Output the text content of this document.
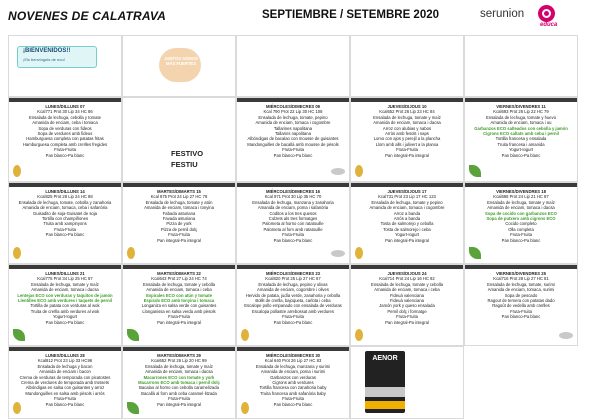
NOVENES DE CALATRAVA	SEPTIEMBRE / SETEMBRE 2020	serunion
educa
¡BIENVENIDOS!!
¡Els benvinguts de nou!	JUNTOS SOMOS MÁS FUERTES
LUNES/DILLUNS 07
Kcal771 Prot 30 Lip 34 HC 86
Ensalada de lechuga, cebolla y tomate
Amanida de enciam, ceba i tomaca
Sopa de verduras con fideos
Sopa de verdures amb fideus
Hamburguesa completa con patatas fritas
Hamburguesa completa amb creïlles fregides
Fruta-Fruita
Pan blanco-Pa blanc	FESTIVO
FESTIU
MIÉRCOLES/DIMECRES 09
Kcal 790 Prot 22 Lip 30 HC 108
Ensalada de lechuga, tomate, pepino
Amanida de enciam, tomaca i cogombre
Tallarines napolitana
Tallarins napolitana
Albóndigas de bacalao con mousse de guisantes
Mandonguilles de bacallà amb mousse de pèsols
Fruta-Fruita
Pan blanco-Pa blanc
JUEVES/DIJOUS 10
Kcal652 Prot 26 Lip 23 HC 84
Ensalada de lechuga, tomate y maíz
Amanida de enciam, tomaca i dacsa
Arroz con alubias y nabos
Arròs amb fesols i naps
Lomo con ajos y perejil a la plancha
Llom amb alls i julivert a la planxa
Fruta-Fruita
Pan integral-Pa integral
VIERNES/DIVENDRES 11
Kcal693 Prot 26 Lip 22 HC 79
Ensalada de lechuga, tomate y huevo
Amanida de enciam, tomaca i ou
Garbanzos ECO salteados con cebolla y jamón
Cigrons ECO saltats amb ceba i pernil
Tortilla francesa y ensalada
Truita francesa i amanida
Yogurt-Iogurt
Pan blanco-Pa blanc
LUNES/DILLUNS 14
Kcal825 Prot 28 Lip 24 HC 88
Ensalada de lechuga, tomate, cebolla y zanahoria
Amanida de enciam, tomaca, ceba i safanòria
Guisadito de soja-Guisatet de soja
Tortilla con champiñones
Truita amb xampinyons
Fruta-Fruita
Pan blanco-Pa blanc
MARTES/DIMARTS 15
Kcal 875 Prot 24 Lip 27 HC 78
Ensalada de lechuga, tomate y atún
Amanida de enciam, tomaca i tonyina
Fabada asturiana
Favada asturiana
Pizza de york
Pizza de pernil dolç
Fruta-Fruita
Pan integral-Pa integral
MIÉRCOLES/DIMECRES 16
Kcal 971 Prot 30 Lip 35 HC 70
Ensalada de lechuga, manzana y zanahoria
Amanida de enciam, poma i safanòria
Coditos a los tres quesos
Colzets als tres formatges
Palometa al horno con ratatouille
Palometa al forn amb ratatouille
Fruta-Fruita
Pan blanco-Pa blanc
JUEVES/DIJOUS 17
Kcal731 Prot 23 Lip 17 HC 123
Ensalada de lechuga, tomate y pepino
Amanida de enciam, tomaca i cogombre
Arroz a banda
Arròs a banda
Tosta de salmorejo y cebolla
Tosta de salmorejo i ceba
Yogurt-Iogurt
Pan integral-Pa integral
VIERNES/DIVENDRES 18
Kcal698 Prot 24 Lip 21 HC 87
Ensalada de lechuga, tomate y maíz
Amanida de enciam, tomaca i dacsa
Sopa de cocido con garbanzos ECO
Sopa de putxero amb cigrons ECO
Cocido completo
Olla completa
Fruta-Fruita
Pan blanco-Pa blanc
LUNES/DILLUNS 21
Kcal775 Prot 34 Lip 25 HC 87
Ensalada de lechuga, tomate y maíz
Amanida de enciam, tomaca i dacsa
Lentejas ECO con verduras y taquitos de jamón
Llentilles ECO amb verdures i taquets de pernil
Tortilla de patata con verduras al wok
Truita de creïlla amb verdures al wok
Yogurt-Iogurt
Pan blanco-Pa blanc
MARTES/DIMARTS 22
Kcal643 Prot 27 Lip 24 HC 74
Ensalada de lechuga, tomate y cebolla
Amanida de enciam, tomaca i ceba
Espirales ECO con atún y tomate
Espirals ECO amb tonyina i tomaca
Longaniza en salsa verde con guisantes
Llonganissa en salsa verda amb pèsols
Fruta-Fruita
Pan integral-Pa integral
MIÉRCOLES/DIMECRES 23
Kcal820 Prot 25 Lip 27 HC 67
Ensalada de lechuga, pepino y olivas
Amanida de enciam, cogombre i olives
Hervido de patata, judía verde, zanahoria y cebolla
Bollit de creïlla, bajoqueta, carlota i ceba
Escalope pollo empanado con ensalada de verduras
Escalopa pollastre arrebossat amb verdures
Fruta-Fruita
Pan blanco-Pa blanc
JUEVES/DIJOUS 24
Kcal714 Prot 24 Lip 16 HC 92
Ensalada de lechuga, tomate y cebolla
Amanida de enciam, tomaca i ceba
Fideuá valenciana
Fideuà valenciana
Jamón york y queso ensalada
Pernil dolç i formatge
Fruta-Fruita
Pan integral-Pa integral
VIERNES/DIVENDRES 25
Kcal716 Prot 28 Lip 27 HC 81
Ensalada de lechuga, tomate, surimi
Amanida de enciam, tomaca, surimi
Sopa de pescado
Ragout de ternera con patatas dado
Ragoût de vedella amb creïlles
Fruta-Fruita
Pan blanco-Pa blanc
LUNES/DILLUNS 28
Kcal812 Prot 23 Lip 33 HC96
Ensalada de lechuga y bacon
Amanida de enciam i bacon
Crema de verduras de temporada con picatostes
Crema de verdures de temporada amb trossets
Albóndigas en salsa con guisantes y arroz
Mandonguilles en salsa amb pèsols i arròs
Fruta-Fruita
Pan blanco-Pa blanc
MARTES/DIMARTS 29
Kcal652 Prot 26 Lip 20 HC 99
Ensalada de lechuga, tomate y maíz
Amanida de enciam, tomaca i dacsa
Macarrones ECO con tomate y york
Macarrons ECO amb tomaca i pernil dolç
Bacalao al horno con cebolla caramelizada
Bacallà al forn amb ceba caramel·litzada
Fruta-Fruita
Pan integral-Pa integral
MIÉRCOLES/DIMECRES 30
Kcal 640 Prot 26 Lip 27 HC 83
Ensalada de lechuga, manzana y surimi
Amanida de enciam, poma i surimi
Garbanzos con verduras
Cigrons amb verdures
Tortilla francesa con zanahoria baby
Truita francesa amb safanòria baby
Fruta-Fruita
Pan blanco-Pa blanc
AENOR
